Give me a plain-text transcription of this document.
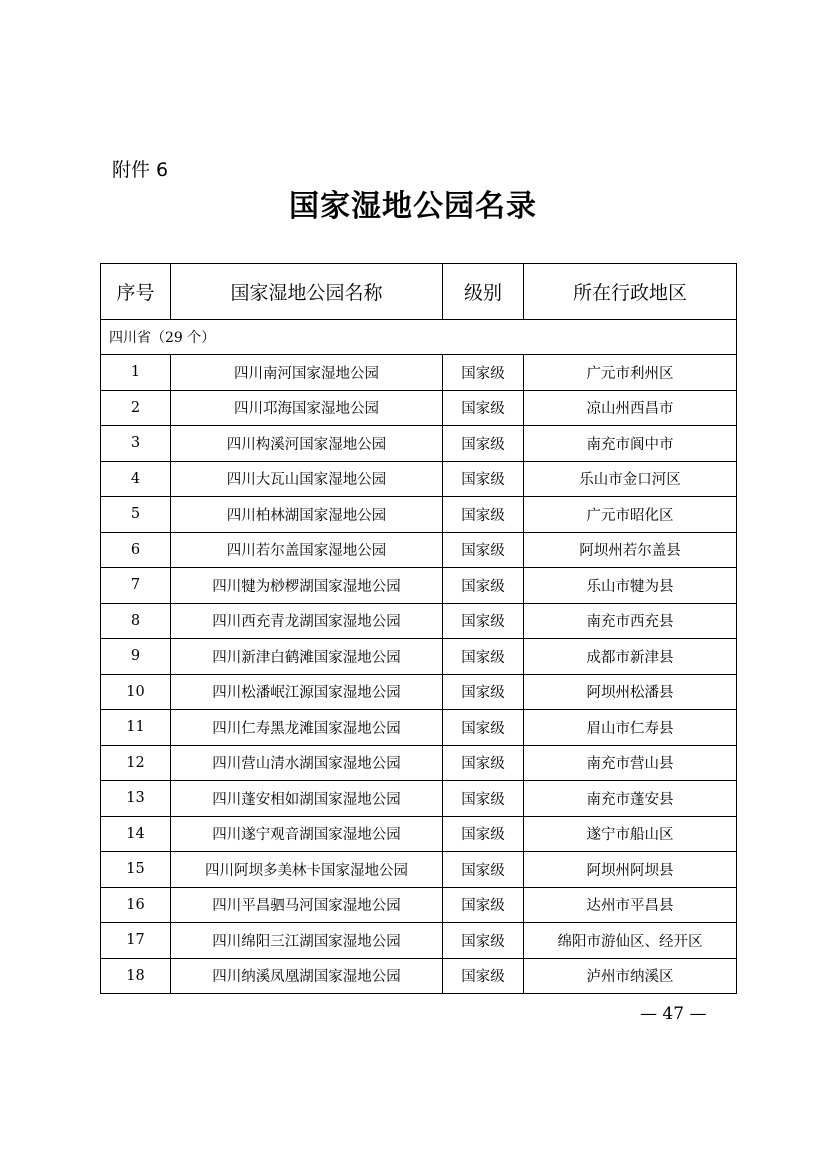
附件 6
国家湿地公园名录
序号	国家湿地公园名称	级别	所在行政地区
四川省（29 个）			
1	四川南河国家湿地公园	国家级	广元市利州区
2	四川邛海国家湿地公园	国家级	凉山州西昌市
3	四川构溪河国家湿地公园	国家级	南充市阆中市
4	四川大瓦山国家湿地公园	国家级	乐山市金口河区
5	四川柏林湖国家湿地公园	国家级	广元市昭化区
6	四川若尔盖国家湿地公园	国家级	阿坝州若尔盖县
7	四川犍为桫椤湖国家湿地公园	国家级	乐山市犍为县
8	四川西充青龙湖国家湿地公园	国家级	南充市西充县
9	四川新津白鹤滩国家湿地公园	国家级	成都市新津县
10	四川松潘岷江源国家湿地公园	国家级	阿坝州松潘县
11	四川仁寿黑龙滩国家湿地公园	国家级	眉山市仁寿县
12	四川营山清水湖国家湿地公园	国家级	南充市营山县
13	四川蓬安相如湖国家湿地公园	国家级	南充市蓬安县
14	四川遂宁观音湖国家湿地公园	国家级	遂宁市船山区
15	四川阿坝多美林卡国家湿地公园	国家级	阿坝州阿坝县
16	四川平昌驷马河国家湿地公园	国家级	达州市平昌县
17	四川绵阳三江湖国家湿地公园	国家级	绵阳市游仙区、经开区
18	四川纳溪凤凰湖国家湿地公园	国家级	泸州市纳溪区
— 47 —
